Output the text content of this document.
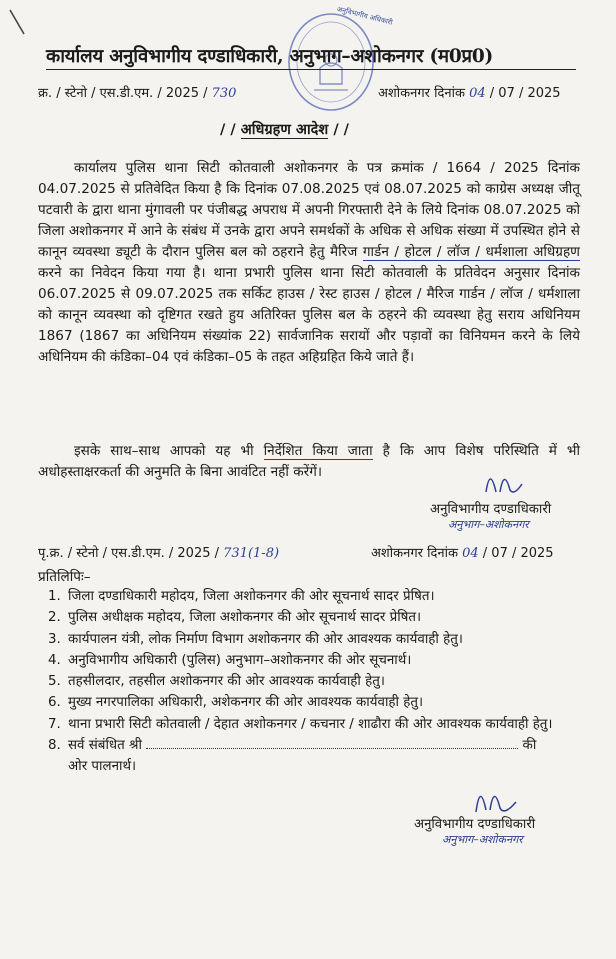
अनुविभागीय अधिकारी
कार्यालय अनुविभागीय दण्डाधिकारी, अनुभाग–अशोकनगर (म0प्र0)
क्र. / स्टेनो / एस.डी.एम. / 2025 / 730	अशोकनगर दिनांक 04 / 07 / 2025
/ / अधिग्रहण आदेश / /
कार्यालय पुलिस थाना सिटी कोतवाली अशोकनगर के पत्र क्रमांक / 1664 / 2025 दिनांक 04.07.2025 से प्रतिवेदित किया है कि दिनांक 07.08.2025 एवं 08.07.2025 को काग्रेस अध्यक्ष जीतू पटवारी के द्वारा थाना मुंगावली पर पंजीबद्ध अपराध में अपनी गिरफ्तारी देने के लिये दिनांक 08.07.2025 को जिला अशोकनगर में आने के संबंध में उनके द्वारा अपने समर्थकों के अधिक से अधिक संख्या में उपस्थित होने से कानून व्यवस्था ड्यूटी के दौरान पुलिस बल को ठहराने हेतु मैरिज गार्डन / होटल / लॉज / धर्मशाला अधिग्रहण करने का निवेदन किया गया है। थाना प्रभारी पुलिस थाना सिटी कोतवाली के प्रतिवेदन अनुसार दिनांक 06.07.2025 से 09.07.2025 तक सर्किट हाउस / रेस्ट हाउस / होटल / मैरिज गार्डन / लॉज / धर्मशाला को कानून व्यवस्था को दृष्टिगत रखते हुय अतिरिक्त पुलिस बल के ठहरने की व्यवस्था हेतु सराय अधिनियम 1867 (1867 का अधिनियम संख्यांक 22) सार्वजानिक सरायों और पड़ावों का विनियमन करने के लिये अधिनियम की कंडिका–04 एवं कंडिका–05 के तहत अहिग्रहित किये जाते हैं।
इसके साथ–साथ आपको यह भी निर्देशित किया जाता है कि आप विशेष परिस्थिति में भी अधोहस्ताक्षरकर्ता की अनुमति के बिना आवंटित नहीं करेंगें।
अनुविभागीय दण्डाधिकारी
अनुभाग–अशोकनगर
पृ.क्र. / स्टेनो / एस.डी.एम. / 2025 / 731(1-8)	अशोकनगर दिनांक 04 / 07 / 2025
प्रतिलिपिः–
1. जिला दण्डाधिकारी महोदय, जिला अशोकनगर की ओर सूचनार्थ सादर प्रेषित।
2. पुलिस अधीक्षक महोदय, जिला अशोकनगर की ओर सूचनार्थ सादर प्रेषित।
3. कार्यपालन यंत्री, लोक निर्माण विभाग अशोकनगर की ओर आवश्यक कार्यवाही हेतु।
4. अनुविभागीय अधिकारी (पुलिस) अनुभाग–अशोकनगर की ओर सूचनार्थ।
5. तहसीलदार, तहसील अशोकनगर की ओर आवश्यक कार्यवाही हेतु।
6. मुख्य नगरपालिका अधिकारी, अशेकनगर की ओर आवश्यक कार्यवाही हेतु।
7. थाना प्रभारी सिटी कोतवाली / देहात अशोकनगर / कचनार / शाढौरा की ओर आवश्यक कार्यवाही हेतु।
8. सर्व संबंधित श्री	की
ओर पालनार्थ।
अनुविभागीय दण्डाधिकारी
अनुभाग–अशोकनगर
